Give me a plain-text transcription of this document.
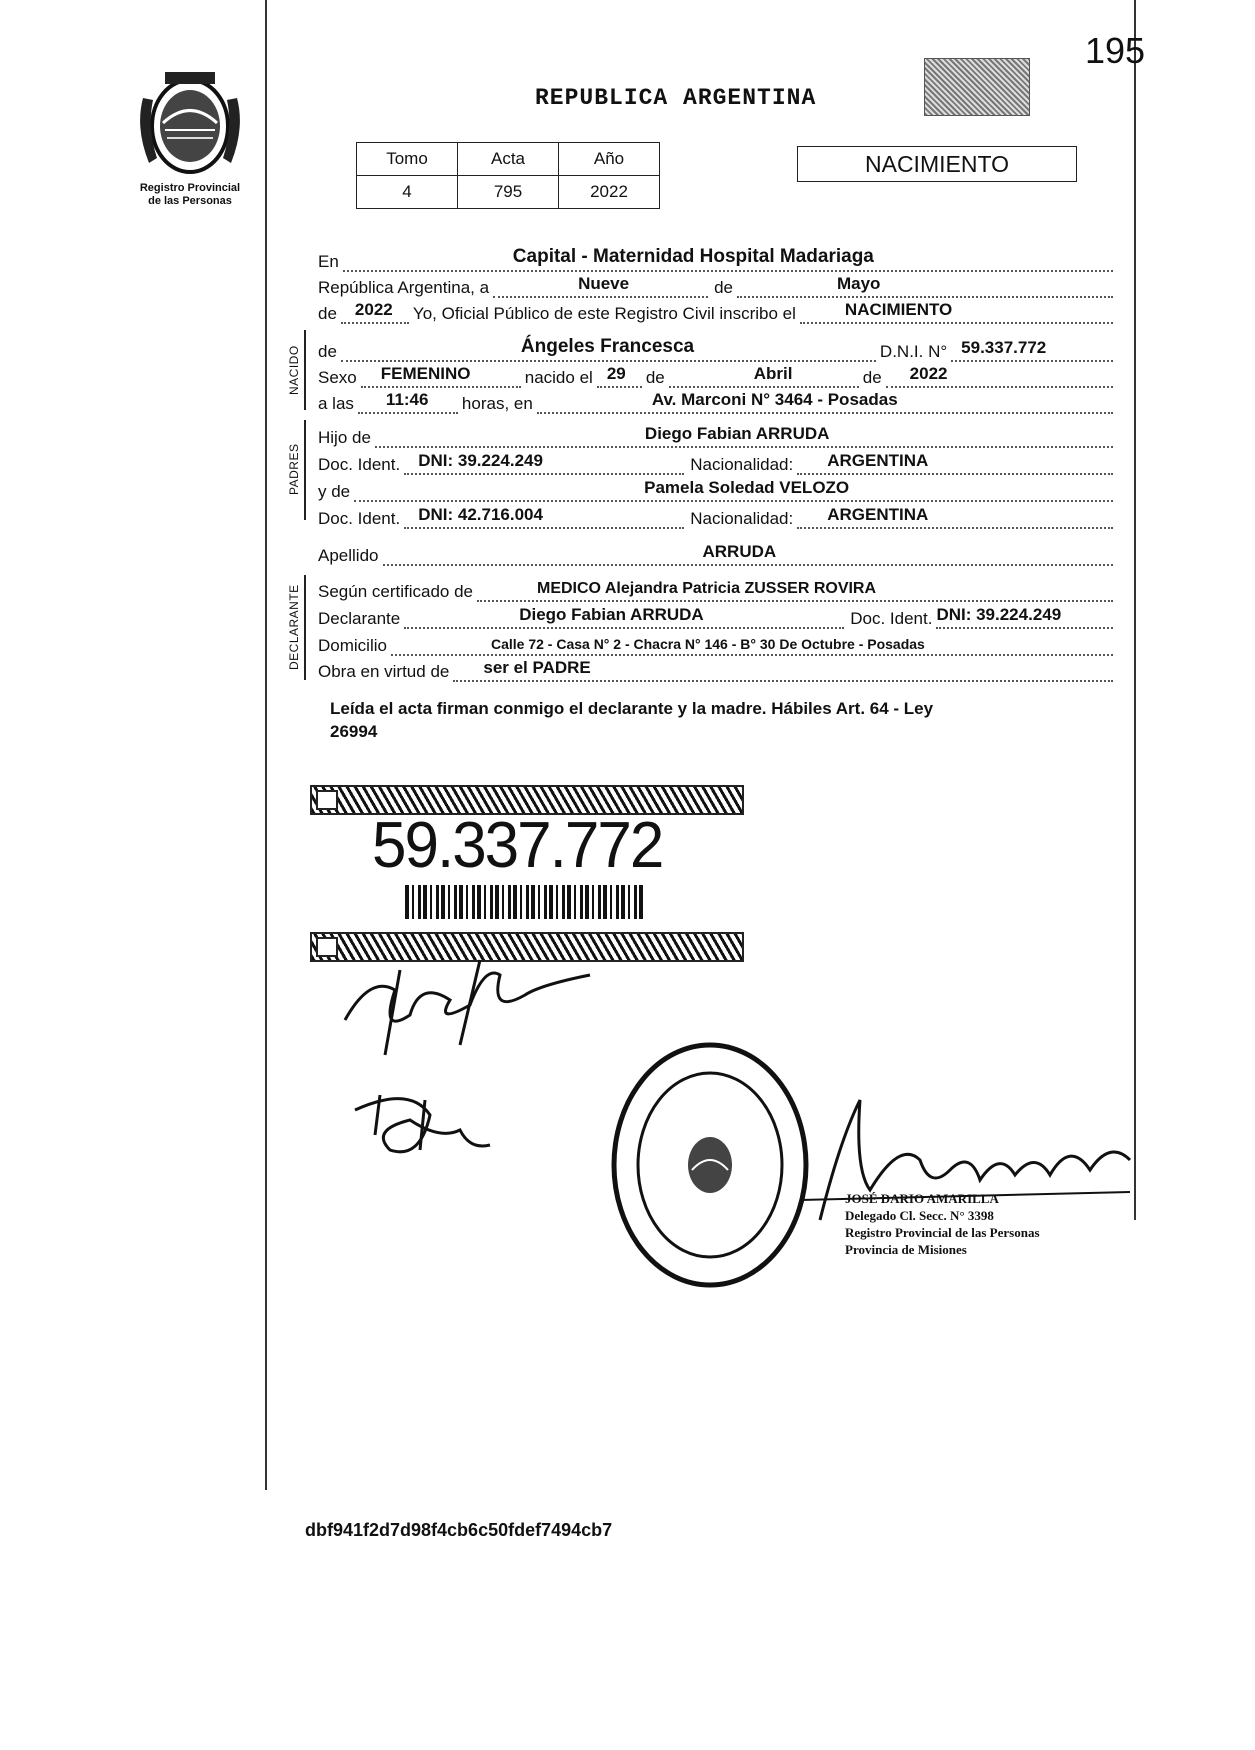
195
Registro Provincial
de las Personas
REPUBLICA ARGENTINA
Tomo	Acta	Año
4	795	2022
NACIMIENTO
En	Capital - Maternidad Hospital Madariaga
República Argentina, a	Nueve	de	Mayo
de 2022 Yo, Oficial Público de este Registro Civil inscribo el	NACIMIENTO
NACIDO de	Ángeles Francesca	D.N.I. N° 59.337.772
Sexo FEMENINO	nacido el 29 de	Abril	de 2022
a las 11:46 horas, en	Av. Marconi N° 3464 - Posadas
PADRES
Hijo de	Diego Fabian ARRUDA
Doc. Ident. DNI: 39.224.249	Nacionalidad: ARGENTINA
y de	Pamela Soledad VELOZO
Doc. Ident. DNI: 42.716.004	Nacionalidad: ARGENTINA
Apellido	ARRUDA
DECLARANTE Según certificado de	MEDICO Alejandra Patricia ZUSSER ROVIRA
Declarante	Diego Fabian ARRUDA	Doc. Ident. DNI: 39.224.249
Domicilio	Calle 72 - Casa N° 2 - Chacra N° 146 - B° 30 De Octubre - Posadas
Obra en virtud de ser el PADRE
Leída el acta firman conmigo el declarante y la madre. Hábiles Art. 64 - Ley
26994
59.337.772
JOSÉ DARIO AMARILLA
Delegado Cl. Secc. N° 3398
Registro Provincial de las Personas
Provincia de Misiones
dbf941f2d7d98f4cb6c50fdef7494cb7
